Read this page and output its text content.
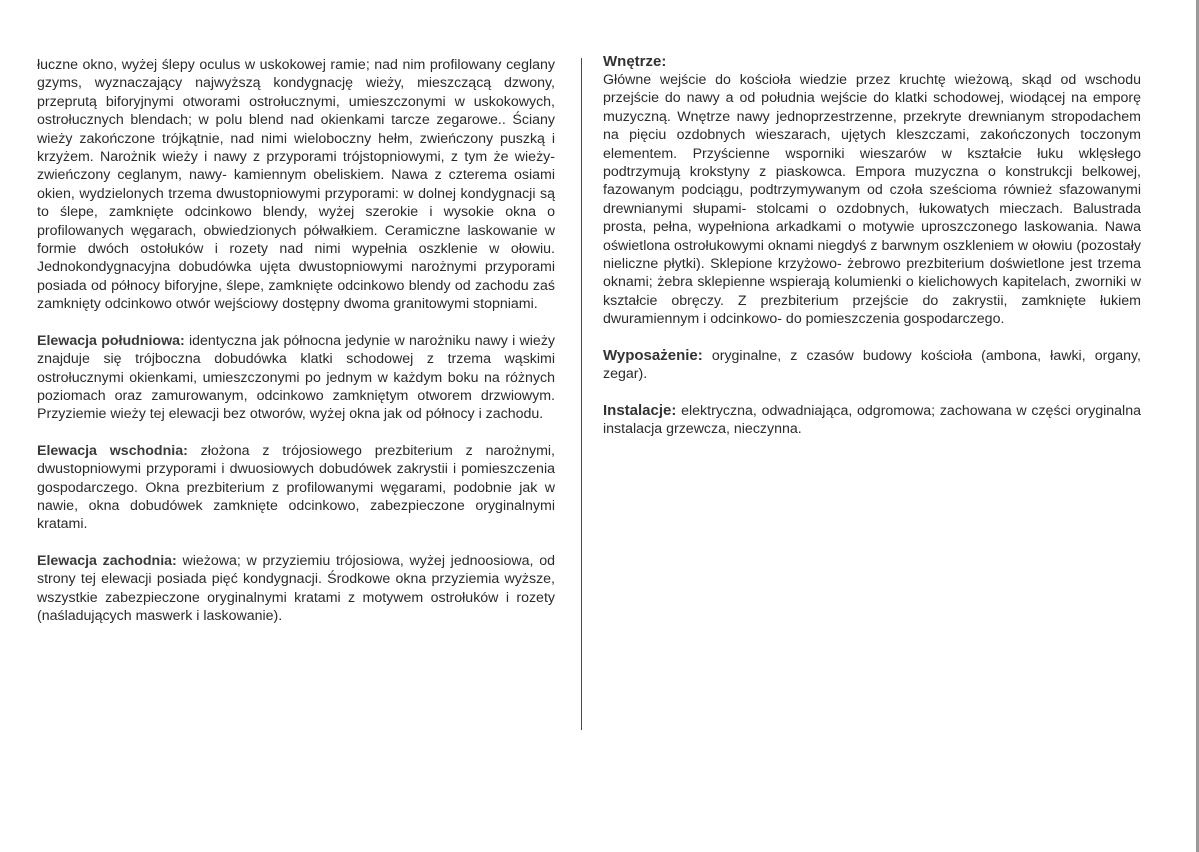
łuczne okno, wyżej ślepy oculus w uskokowej ramie; nad nim profilowany ceglany gzyms, wyznaczający najwyższą kondygnację wieży, mieszczącą dzwony, przeprutą biforyjnymi otworami ostrołucznymi, umieszczonymi w uskokowych, ostrołucznych blendach; w polu blend nad okienkami tarcze zegarowe.. Ściany wieży zakończone trójkątnie, nad nimi wieloboczny hełm, zwieńczony puszką i krzyżem. Narożnik wieży i nawy z przyporami trójstopniowymi, z tym że wieży- zwieńczony ceglanym, nawy- kamiennym obeliskiem. Nawa z czterema osiami okien, wydzielonych trzema dwustopniowymi przyporami: w dolnej kondygnacji są to ślepe, zamknięte odcinkowo blendy, wyżej szerokie i wysokie okna o profilowanych węgarach, obwiedzionych półwałkiem. Ceramiczne laskowanie w formie dwóch ostołuków i rozety nad nimi wypełnia oszklenie w ołowiu. Jednokondygnacyjna dobudówka ujęta dwustopniowymi narożnymi przyporami posiada od północy biforyjne, ślepe, zamknięte odcinkowo blendy od zachodu zaś zamknięty odcinkowo otwór wejściowy dostępny dwoma granitowymi stopniami.

Elewacja południowa: identyczna jak północna jedynie w narożniku nawy i wieży znajduje się trójboczna dobudówka klatki schodowej z trzema wąskimi ostrołucznymi okienkami, umieszczonymi po jednym w każdym boku na różnych poziomach oraz zamurowanym, odcinkowo zamkniętym otworem drzwiowym. Przyziemie wieży tej elewacji bez otworów, wyżej okna jak od północy i zachodu.

Elewacja wschodnia: złożona z trójosiowego prezbiterium z narożnymi, dwustopniowymi przyporami i dwuosiowych dobudówek zakrystii i pomieszczenia gospodarczego. Okna prezbiterium z profilowanymi węgarami, podobnie jak w nawie, okna dobudówek zamknięte odcinkowo, zabezpieczone oryginalnymi kratami.

Elewacja zachodnia: wieżowa; w przyziemiu trójosiowa, wyżej jednoosiowa, od strony tej elewacji posiada pięć kondygnacji. Środkowe okna przyziemia wyższe, wszystkie zabezpieczone oryginalnymi kratami z motywem ostrołuków i rozety (naśladujących maswerk i laskowanie).

Wnętrze:
Główne wejście do kościoła wiedzie przez kruchtę wieżową, skąd od wschodu przejście do nawy a od południa wejście do klatki schodowej, wiodącej na emporę muzyczną. Wnętrze nawy jednoprzestrzenne, przekryte drewnianym stropodachem na pięciu ozdobnych wieszarach, ujętych kleszczami, zakończonych toczonym elementem. Przyścienne wsporniki wieszarów w kształcie łuku wklęsłego podtrzymują krokstyny z piaskowca. Empora muzyczna o konstrukcji belkowej, fazowanym podciągu, podtrzymywanym od czoła sześcioma również sfazowanymi drewnianymi słupami- stolcami o ozdobnych, łukowatych mieczach. Balustrada prosta, pełna, wypełniona arkadkami o motywie uproszczonego laskowania. Nawa oświetlona ostrołukowymi oknami niegdyś z barwnym oszkleniem w ołowiu (pozostały nieliczne płytki). Sklepione krzyżowo- żebrowo prezbiterium doświetlone jest trzema oknami; żebra sklepienne wspierają kolumienki o kielichowych kapitelach, zworniki w kształcie obręczy. Z prezbiterium przejście do zakrystii, zamknięte łukiem dwuramiennym i odcinkowo- do pomieszczenia gospodarczego.

Wyposażenie: oryginalne, z czasów budowy kościoła (ambona, ławki, organy, zegar).

Instalacje: elektryczna, odwadniająca, odgromowa; zachowana w części oryginalna instalacja grzewcza, nieczynna.
